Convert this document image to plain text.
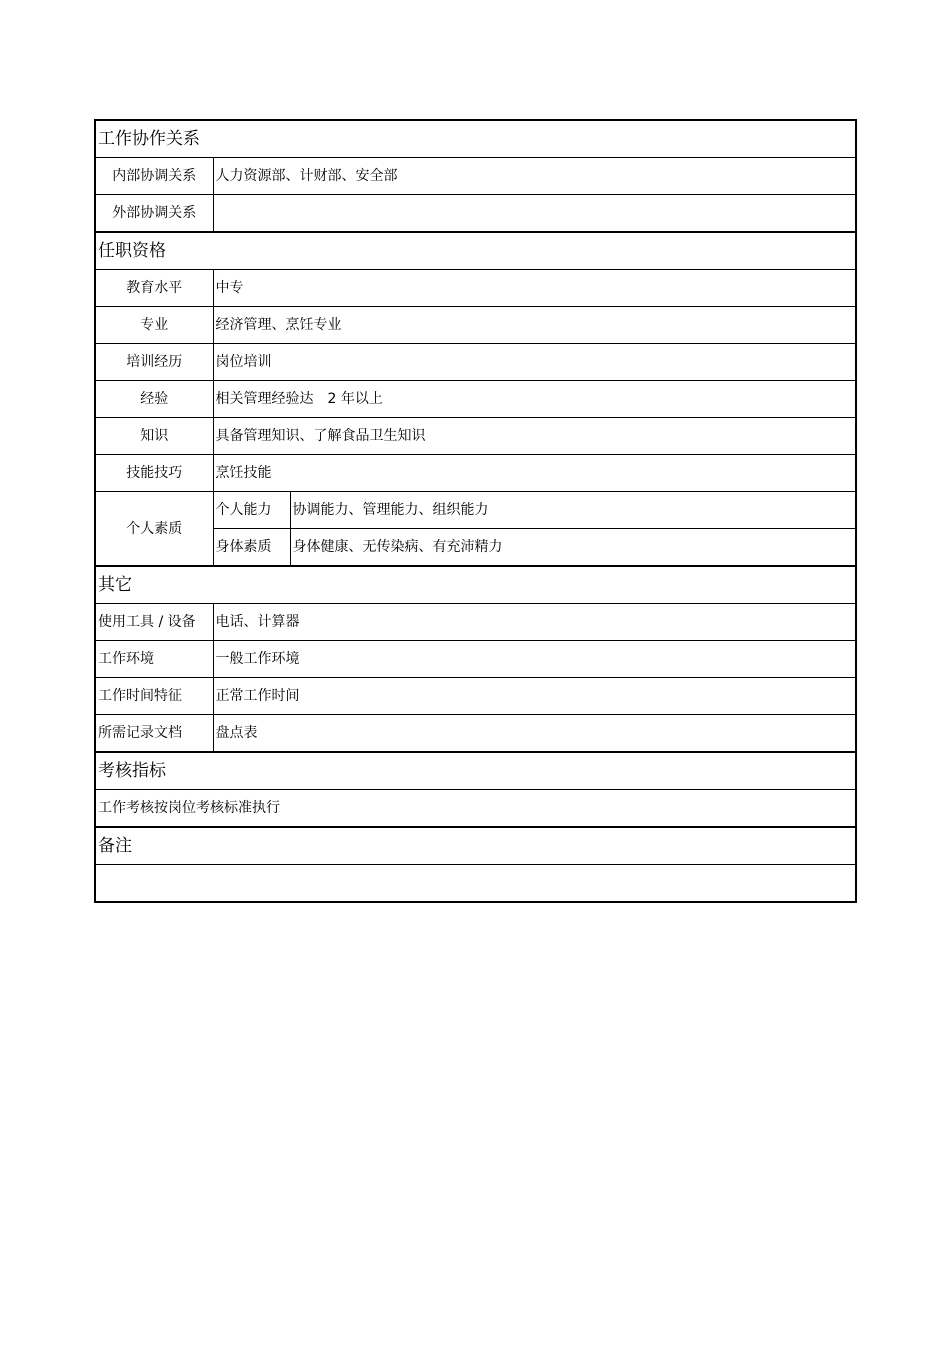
工作协作关系		
内部协调关系	人力资源部、计财部、安全部	
外部协调关系		
任职资格		
教育水平	中专	
专业	经济管理、烹饪专业	
培训经历	岗位培训	
经验	相关管理经验达　2 年以上	
知识	具备管理知识、了解食品卫生知识	
技能技巧	烹饪技能	
个人素质	个人能力	协调能力、管理能力、组织能力
	身体素质	身体健康、无传染病、有充沛精力
其它		
使用工具 / 设备	电话、计算器	
工作环境	一般工作环境	
工作时间特征	正常工作时间	
所需记录文档	盘点表	
考核指标		
工作考核按岗位考核标准执行		
备注		
